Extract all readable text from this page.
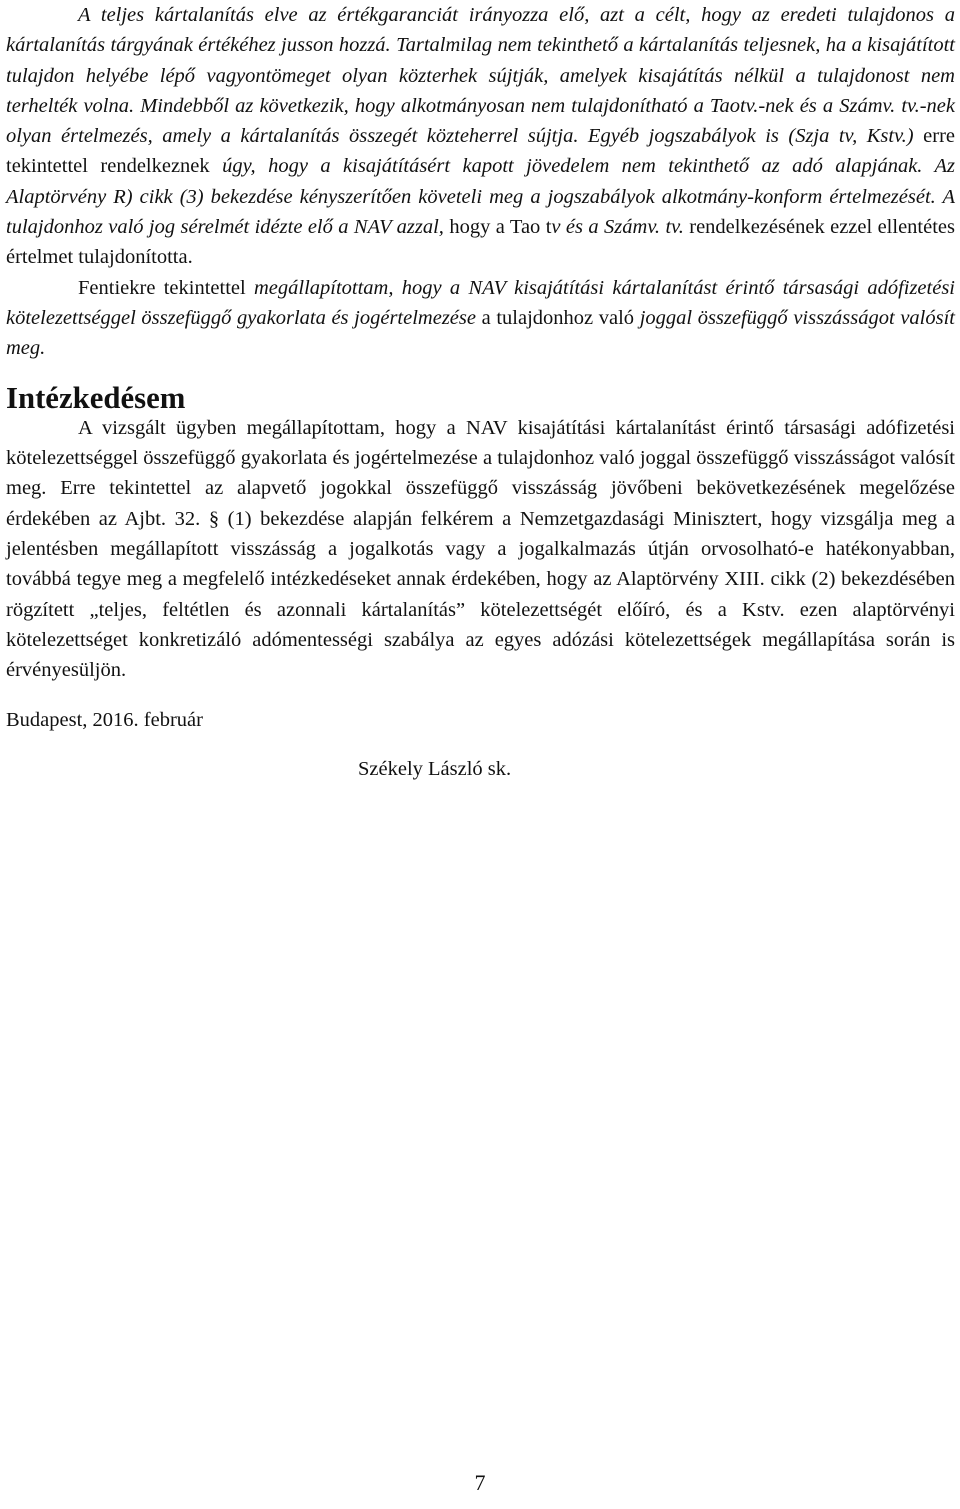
A teljes kártalanítás elve az értékgaranciát irányozza elő, azt a célt, hogy az eredeti tulajdonos a kártalanítás tárgyának értékéhez jusson hozzá. Tartalmilag nem tekinthető a kártalanítás teljesnek, ha a kisajátított tulajdon helyébe lépő vagyontömeget olyan közterhek sújtják, amelyek kisajátítás nélkül a tulajdonost nem terhelték volna. Mindebből az következik, hogy alkotmányosan nem tulajdonítható a Taotv.-nek és a Számv. tv.-nek olyan értelmezés, amely a kártalanítás összegét közteherrel sújtja. Egyéb jogszabályok is (Szja tv, Kstv.) erre tekintettel rendelkeznek úgy, hogy a kisajátításért kapott jövedelem nem tekinthető az adó alapjának. Az Alaptörvény R) cikk (3) bekezdése kényszerítően követeli meg a jogszabályok alkotmány-konform értelmezését. A tulajdonhoz való jog sérelmét idézte elő a NAV azzal, hogy a Tao tv és a Számv. tv. rendelkezésének ezzel ellentétes értelmet tulajdonította.

Fentiekre tekintettel megállapítottam, hogy a NAV kisajátítási kártalanítást érintő társasági adófizetési kötelezettséggel összefüggő gyakorlata és jogértelmezése a tulajdonhoz való joggal összefüggő visszásságot valósít meg.

Intézkedésem

A vizsgált ügyben megállapítottam, hogy a NAV kisajátítási kártalanítást érintő társasági adófizetési kötelezettséggel összefüggő gyakorlata és jogértelmezése a tulajdonhoz való joggal összefüggő visszásságot valósít meg. Erre tekintettel az alapvető jogokkal összefüggő visszásság jövőbeni bekövetkezésének megelőzése érdekében az Ajbt. 32. § (1) bekezdése alapján felkérem a Nemzetgazdasági Minisztert, hogy vizsgálja meg a jelentésben megállapított visszásság a jogalkotás vagy a jogalkalmazás útján orvosolható-e hatékonyabban, továbbá tegye meg a megfelelő intézkedéseket annak érdekében, hogy az Alaptörvény XIII. cikk (2) bekezdésében rögzített „teljes, feltétlen és azonnali kártalanítás” kötelezettségét előíró, és a Kstv. ezen alaptörvényi kötelezettséget konkretizáló adómentességi szabálya az egyes adózási kötelezettségek megállapítása során is érvényesüljön.

Budapest, 2016. február

Székely László sk.

7
